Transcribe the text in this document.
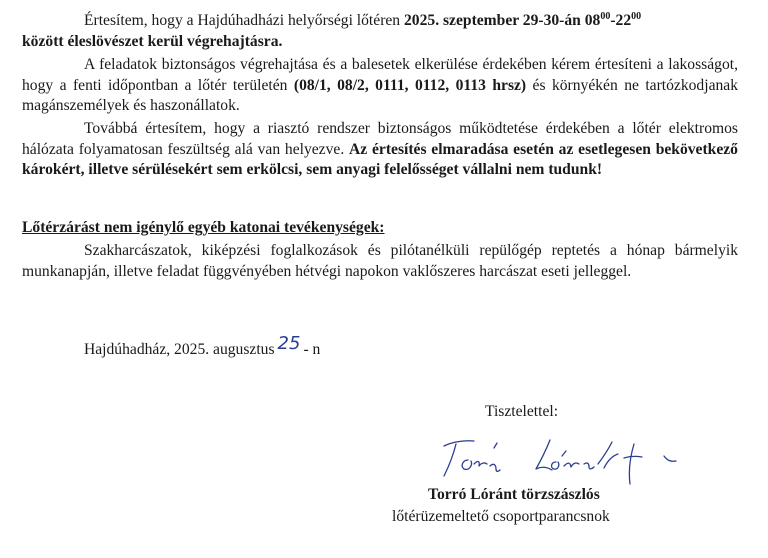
Értesítem, hogy a Hajdúhadházi helyőrségi lőtéren 2025. szeptember 29-30-án $08^{00}-22^{00}$
között éleslövészet kerül végrehajtásra.

A feladatok biztonságos végrehajtása és a balesetek elkerülése érdekében kérem értesíteni a lakosságot, hogy a fenti időpontban a lőtér területén (08/1, 08/2, 0111, 0112, 0113 hrsz) és környékén ne tartózkodjanak magánszemélyek és haszonállatok.

Továbbá értesítem, hogy a riasztó rendszer biztonságos működtetése érdekében a lőtér elektromos hálózata folyamatosan feszültség alá van helyezve. Az értesítés elmaradása esetén az esetlegesen bekövetkező károkért, illetve sérülésekért sem erkölcsi, sem anyagi felelősséget vállalni nem tudunk!

Lőtérzárást nem igénylő egyéb katonai tevékenységek:

Szakharcászatok, kiképzési foglalkozások és pilótanélküli repülőgép reptetés a hónap bármelyik munkanapján, illetve feladat függvényében hétvégi napokon vaklőszeres harcászat eseti jelleggel.

Hajdúhadház, 2025. augusztus 25 - n
Tisztelettel:
Torró Lóránt
Torró Lóránt törzszászlós
lőtérüzemeltető csoportparancsnok
